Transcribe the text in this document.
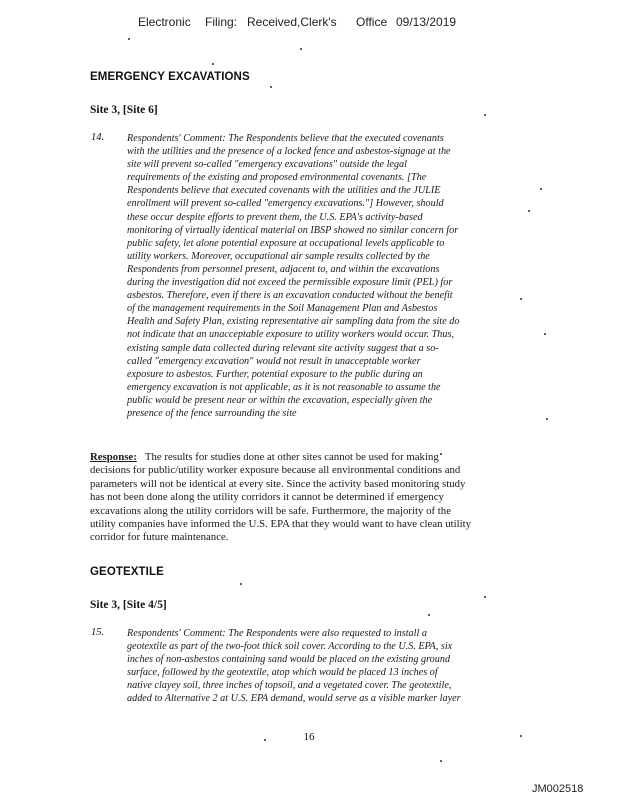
Electronic Filing: Received,Clerk's Office 09/13/2019
EMERGENCY EXCAVATIONS
Site 3, [Site 6]
14. Respondents' Comment: The Respondents believe that the executed covenants
with the utilities and the presence of a locked fence and asbestos-signage at the
site will prevent so-called "emergency excavations" outside the legal
requirements of the existing and proposed environmental covenants. [The
Respondents believe that executed covenants with the utilities and the JULIE
enrollment will prevent so-called "emergency excavations."] However, should
these occur despite efforts to prevent them, the U.S. EPA's activity-based
monitoring of virtually identical material on IBSP showed no similar concern for
public safety, let alone potential exposure at occupational levels applicable to
utility workers. Moreover, occupational air sample results collected by the
Respondents from personnel present, adjacent to, and within the excavations
during the investigation did not exceed the permissible exposure limit (PEL) for
asbestos. Therefore, even if there is an excavation conducted without the benefit
of the management requirements in the Soil Management Plan and Asbestos
Health and Safety Plan, existing representative air sampling data from the site do
not indicate that an unacceptable exposure to utility workers would occur. Thus,
existing sample data collected during relevant site activity suggest that a so-
called "emergency excavation" would not result in unacceptable worker
exposure to asbestos. Further, potential exposure to the public during an
emergency excavation is not applicable, as it is not reasonable to assume the
public would be present near or within the excavation, especially given the
presence of the fence surrounding the site
Response: The results for studies done at other sites cannot be used for making
decisions for public/utility worker exposure because all environmental conditions and
parameters will not be identical at every site. Since the activity based monitoring study
has not been done along the utility corridors it cannot be determined if emergency
excavations along the utility corridors will be safe. Furthermore, the majority of the
utility companies have informed the U.S. EPA that they would want to have clean utility
corridor for future maintenance.
GEOTEXTILE
Site 3, [Site 4/5]
15. Respondents' Comment: The Respondents were also requested to install a
geotextile as part of the two-foot thick soil cover. According to the U.S. EPA, six
inches of non-asbestos containing sand would be placed on the existing ground
surface, followed by the geotextile, atop which would be placed 13 inches of
native clayey soil, three inches of topsoil, and a vegetated cover. The geotextile,
added to Alternative 2 at U.S. EPA demand, would serve as a visible marker layer
16
JM002518
